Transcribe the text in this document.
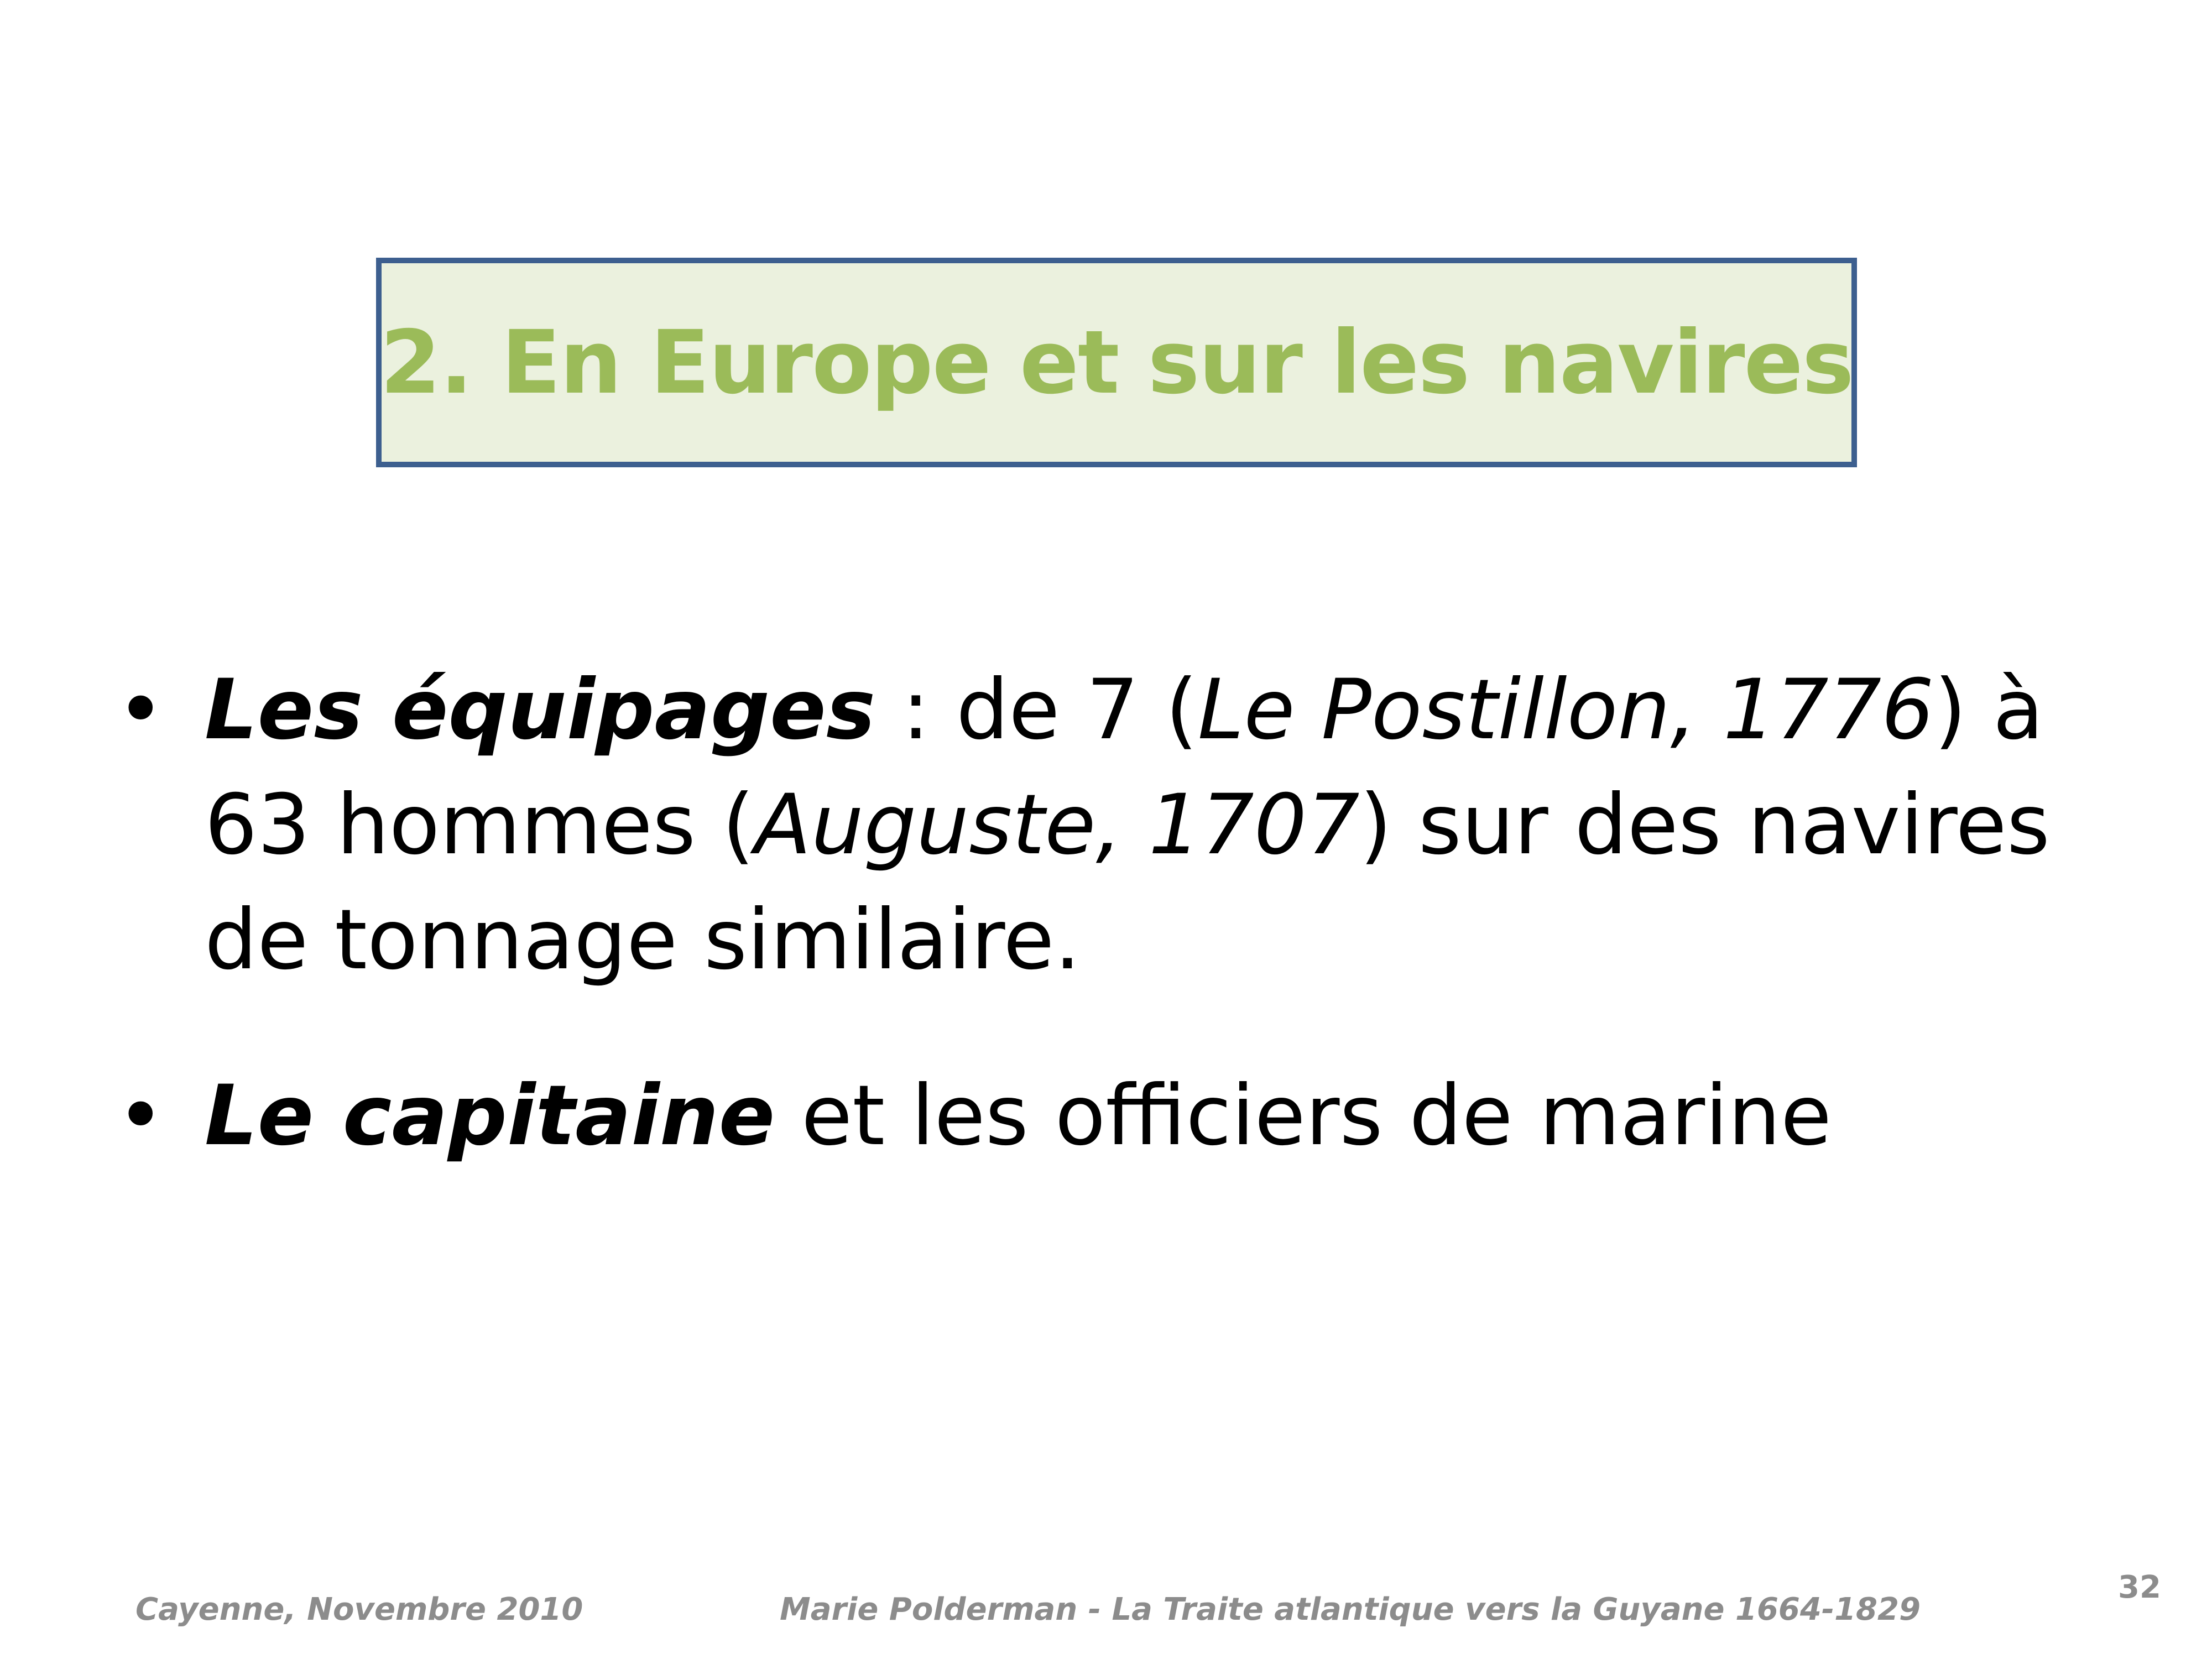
2. En Europe et sur les navires
• Les équipages : de 7 (Le Postillon, 1776) à 63 hommes (Auguste, 1707) sur des navires de tonnage similaire.
• Le capitaine et les officiers de marine
Cayenne, Novembre 2010	Marie Polderman - La Traite atlantique vers la Guyane 1664-1829
32
